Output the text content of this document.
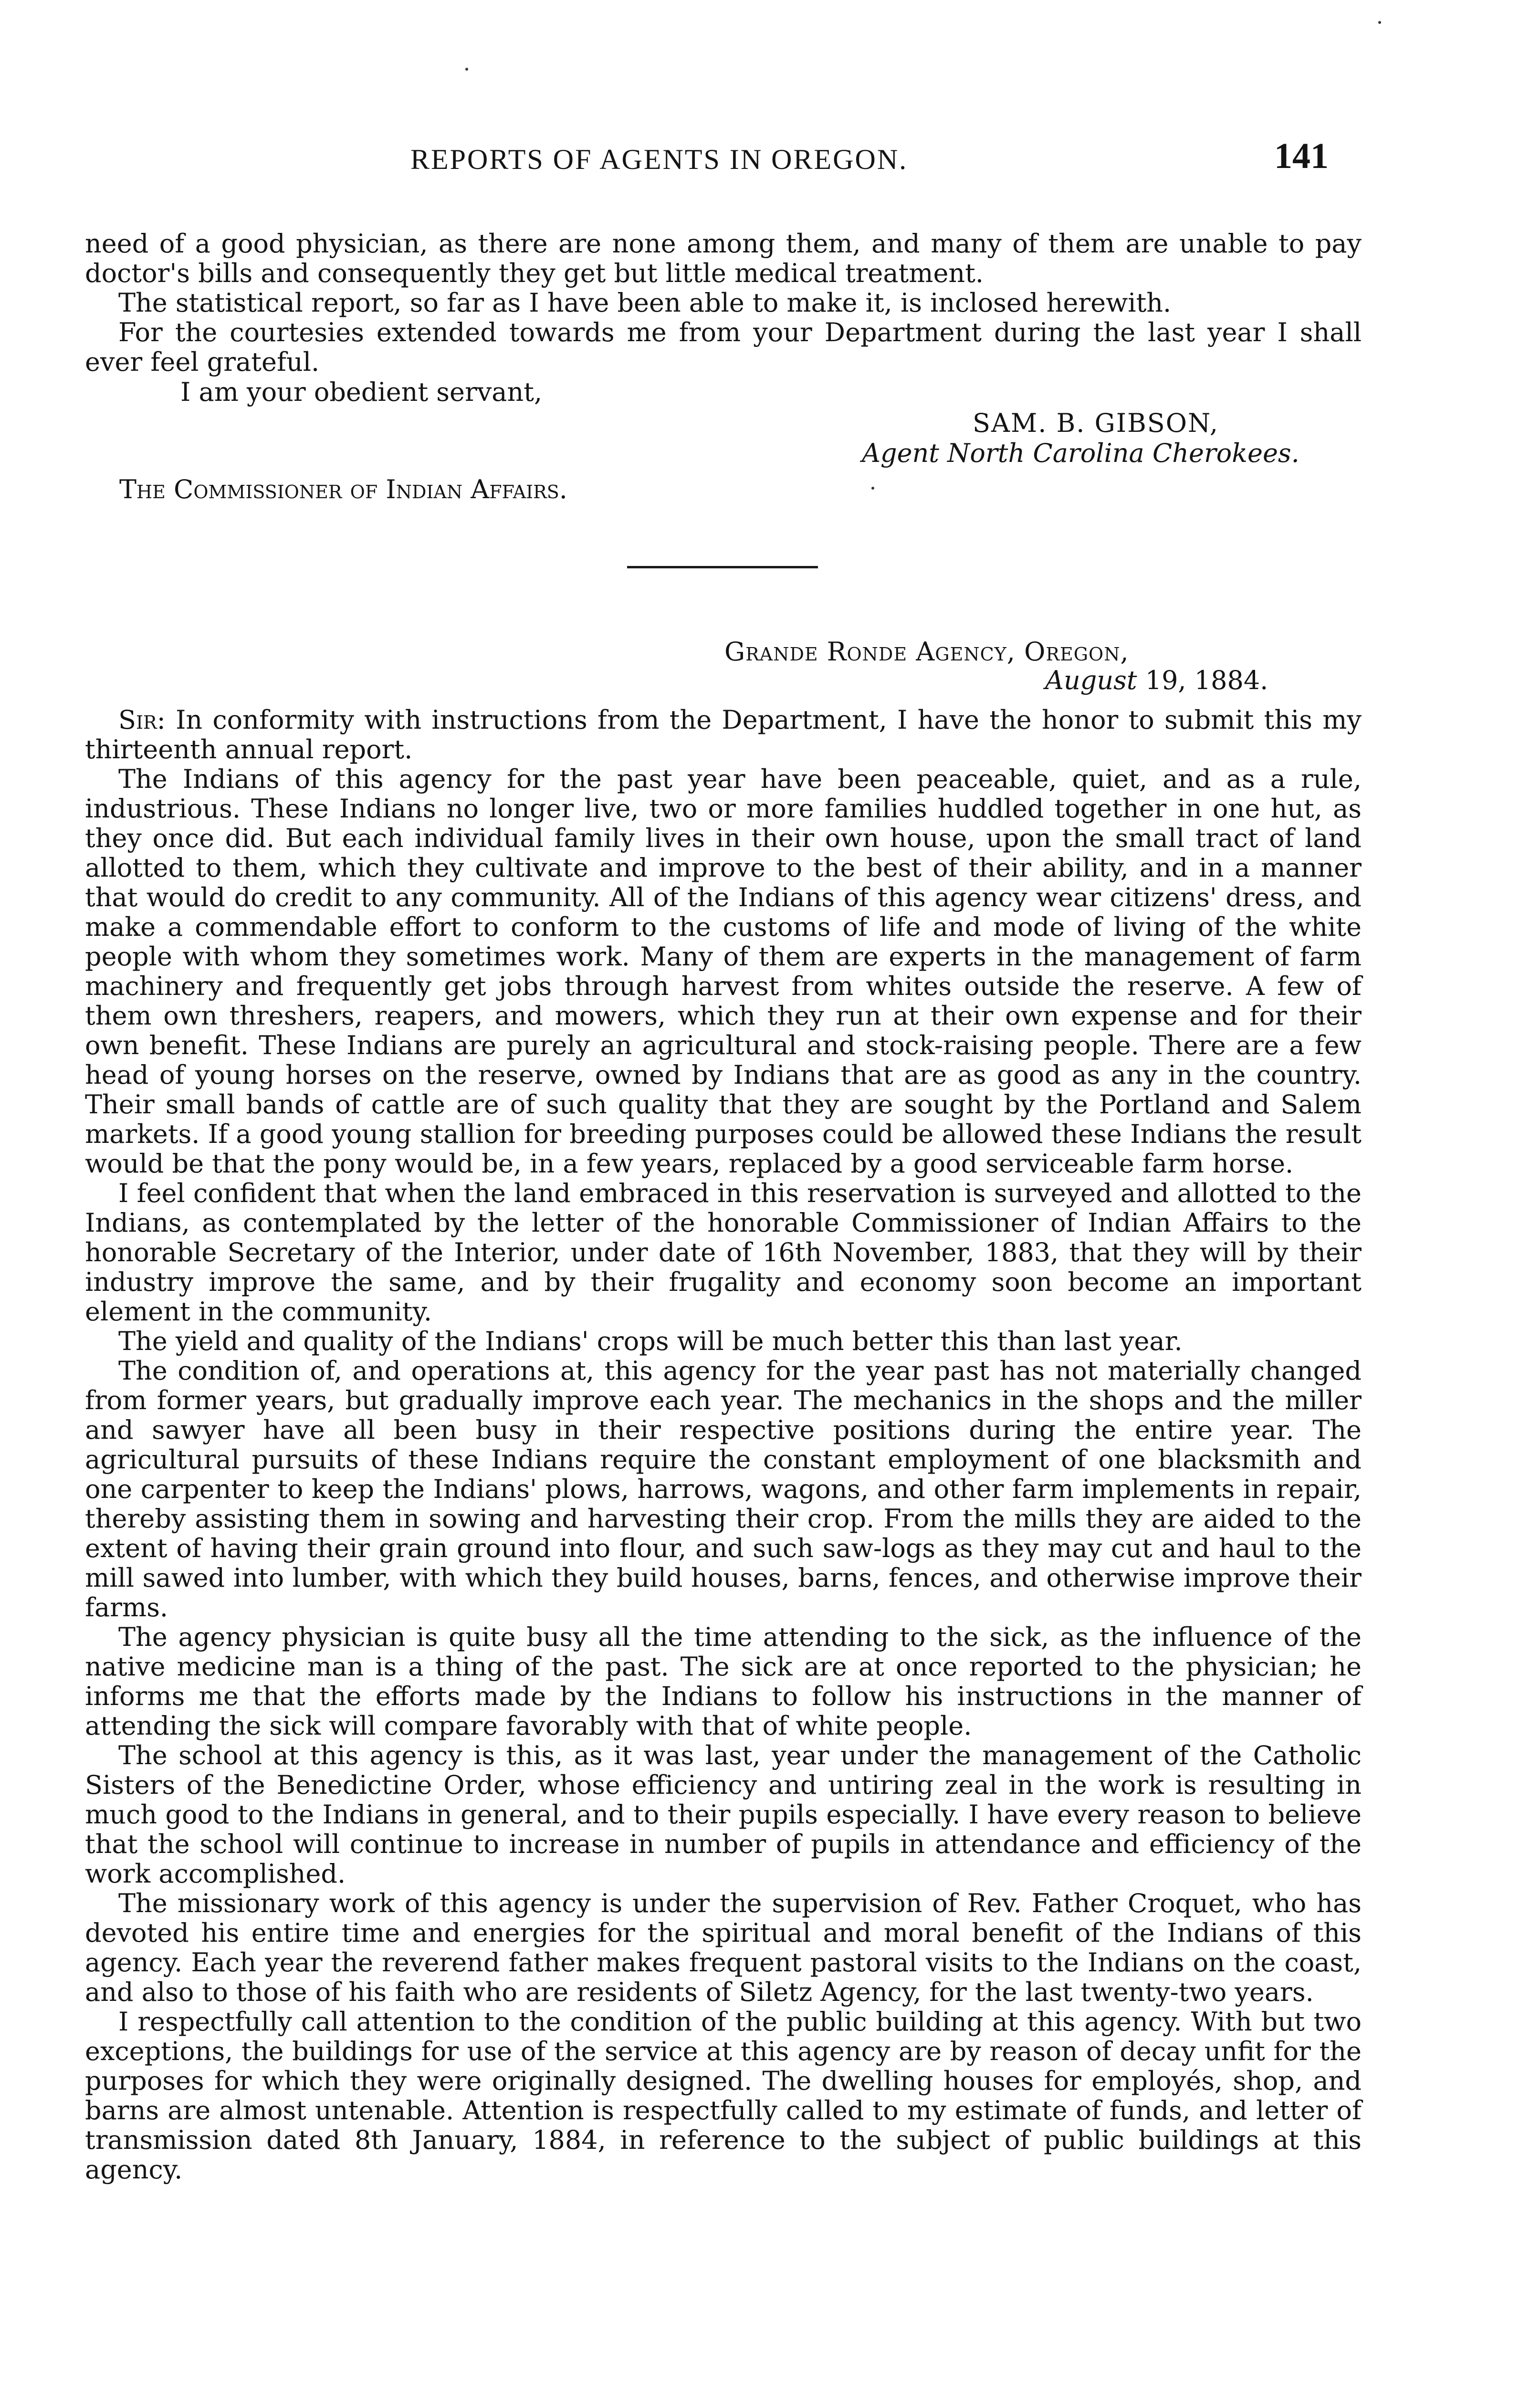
REPORTS OF AGENTS IN OREGON.	141

need of a good physician, as there are none among them, and many of them are unable to pay doctor's bills and consequently they get but little medical treatment.

The statistical report, so far as I have been able to make it, is inclosed herewith.

For the courtesies extended towards me from your Department during the last year I shall ever feel grateful.

I am your obedient servant,
SAM. B. GIBSON,
Agent North Carolina Cherokees.
The Commissioner of Indian Affairs.
Grande Ronde Agency, Oregon,
August 19, 1884.

Sir: In conformity with instructions from the Department, I have the honor to submit this my thirteenth annual report.

The Indians of this agency for the past year have been peaceable, quiet, and as a rule, industrious. These Indians no longer live, two or more families huddled together in one hut, as they once did. But each individual family lives in their own house, upon the small tract of land allotted to them, which they cultivate and improve to the best of their ability, and in a manner that would do credit to any community. All of the Indians of this agency wear citizens' dress, and make a commendable effort to conform to the customs of life and mode of living of the white people with whom they sometimes work. Many of them are experts in the management of farm machinery and frequently get jobs through harvest from whites outside the reserve. A few of them own threshers, reapers, and mowers, which they run at their own expense and for their own benefit. These Indians are purely an agricultural and stock-raising people. There are a few head of young horses on the reserve, owned by Indians that are as good as any in the country. Their small bands of cattle are of such quality that they are sought by the Portland and Salem markets. If a good young stallion for breeding purposes could be allowed these Indians the result would be that the pony would be, in a few years, replaced by a good serviceable farm horse.

I feel confident that when the land embraced in this reservation is surveyed and allotted to the Indians, as contemplated by the letter of the honorable Commissioner of Indian Affairs to the honorable Secretary of the Interior, under date of 16th November, 1883, that they will by their industry improve the same, and by their frugality and economy soon become an important element in the community.

The yield and quality of the Indians' crops will be much better this than last year.

The condition of, and operations at, this agency for the year past has not materially changed from former years, but gradually improve each year. The mechanics in the shops and the miller and sawyer have all been busy in their respective positions during the entire year. The agricultural pursuits of these Indians require the constant employment of one blacksmith and one carpenter to keep the Indians' plows, harrows, wagons, and other farm implements in repair, thereby assisting them in sowing and harvesting their crop. From the mills they are aided to the extent of having their grain ground into flour, and such saw-logs as they may cut and haul to the mill sawed into lumber, with which they build houses, barns, fences, and otherwise improve their farms.

The agency physician is quite busy all the time attending to the sick, as the influence of the native medicine man is a thing of the past. The sick are at once reported to the physician; he informs me that the efforts made by the Indians to follow his instructions in the manner of attending the sick will compare favorably with that of white people.

The school at this agency is this, as it was last, year under the management of the Catholic Sisters of the Benedictine Order, whose efficiency and untiring zeal in the work is resulting in much good to the Indians in general, and to their pupils especially. I have every reason to believe that the school will continue to increase in number of pupils in attendance and efficiency of the work accomplished.

The missionary work of this agency is under the supervision of Rev. Father Croquet, who has devoted his entire time and energies for the spiritual and moral benefit of the Indians of this agency. Each year the reverend father makes frequent pastoral visits to the Indians on the coast, and also to those of his faith who are residents of Siletz Agency, for the last twenty-two years.

I respectfully call attention to the condition of the public building at this agency. With but two exceptions, the buildings for use of the service at this agency are by reason of decay unfit for the purposes for which they were originally designed. The dwelling houses for employés, shop, and barns are almost untenable. Attention is respectfully called to my estimate of funds, and letter of transmission dated 8th January, 1884, in reference to the subject of public buildings at this agency.
